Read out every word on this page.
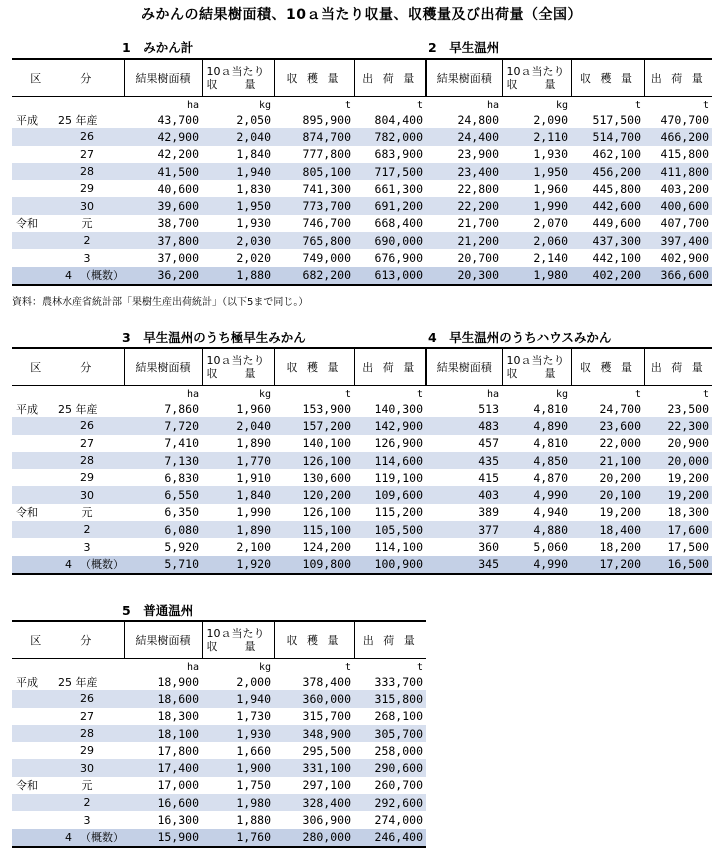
みかんの結果樹面積、10ａ当たり収量、収穫量及び出荷量（全国）
1　みかん計	2　早生温州
3　早生温州のうち極早生みかん	4　早生温州のうちハウスみかん
5　普通温州
区　分	結果樹面積	10ａ当たり
収　量	収 穫 量	出 荷 量	結果樹面積	10ａ当たり
収　量	収 穫 量	出 荷 量
	ha	kg	t	t	ha	kg	t	t
平成 25 年産	43,700	2,050	895,900	804,400	24,800	2,090	517,500	470,700
26	42,900	2,040	874,700	782,000	24,400	2,110	514,700	466,200
27	42,200	1,840	777,800	683,900	23,900	1,930	462,100	415,800
28	41,500	1,940	805,100	717,500	23,400	1,950	456,200	411,800
29	40,600	1,830	741,300	661,300	22,800	1,960	445,800	403,200
30	39,600	1,950	773,700	691,200	22,200	1,990	442,600	400,600
令和 元	38,700	1,930	746,700	668,400	21,700	2,070	449,600	407,700
2	37,800	2,030	765,800	690,000	21,200	2,060	437,300	397,400
3	37,000	2,020	749,000	676,900	20,700	2,140	442,100	402,900
4 （概数）	36,200	1,880	682,200	613,000	20,300	1,980	402,200	366,600
資料：農林水産省統計部「果樹生産出荷統計」（以下5まで同じ。）
区　分	結果樹面積	10ａ当たり
収　量	収 穫 量	出 荷 量	結果樹面積	10ａ当たり
収　量	収 穫 量	出 荷 量
	ha	kg	t	t	ha	kg	t	t
平成 25 年産	7,860	1,960	153,900	140,300	513	4,810	24,700	23,500
26	7,720	2,040	157,200	142,900	483	4,890	23,600	22,300
27	7,410	1,890	140,100	126,900	457	4,810	22,000	20,900
28	7,130	1,770	126,100	114,600	435	4,850	21,100	20,000
29	6,830	1,910	130,600	119,100	415	4,870	20,200	19,200
30	6,550	1,840	120,200	109,600	403	4,990	20,100	19,200
令和 元	6,350	1,990	126,100	115,200	389	4,940	19,200	18,300
2	6,080	1,890	115,100	105,500	377	4,880	18,400	17,600
3	5,920	2,100	124,200	114,100	360	5,060	18,200	17,500
4 （概数）	5,710	1,920	109,800	100,900	345	4,990	17,200	16,500
区　分	結果樹面積	10ａ当たり
収　量	収 穫 量	出 荷 量
	ha	kg	t	t
平成 25 年産	18,900	2,000	378,400	333,700
26	18,600	1,940	360,000	315,800
27	18,300	1,730	315,700	268,100
28	18,100	1,930	348,900	305,700
29	17,800	1,660	295,500	258,000
30	17,400	1,900	331,100	290,600
令和 元	17,000	1,750	297,100	260,700
2	16,600	1,980	328,400	292,600
3	16,300	1,880	306,900	274,000
4 （概数）	15,900	1,760	280,000	246,400
